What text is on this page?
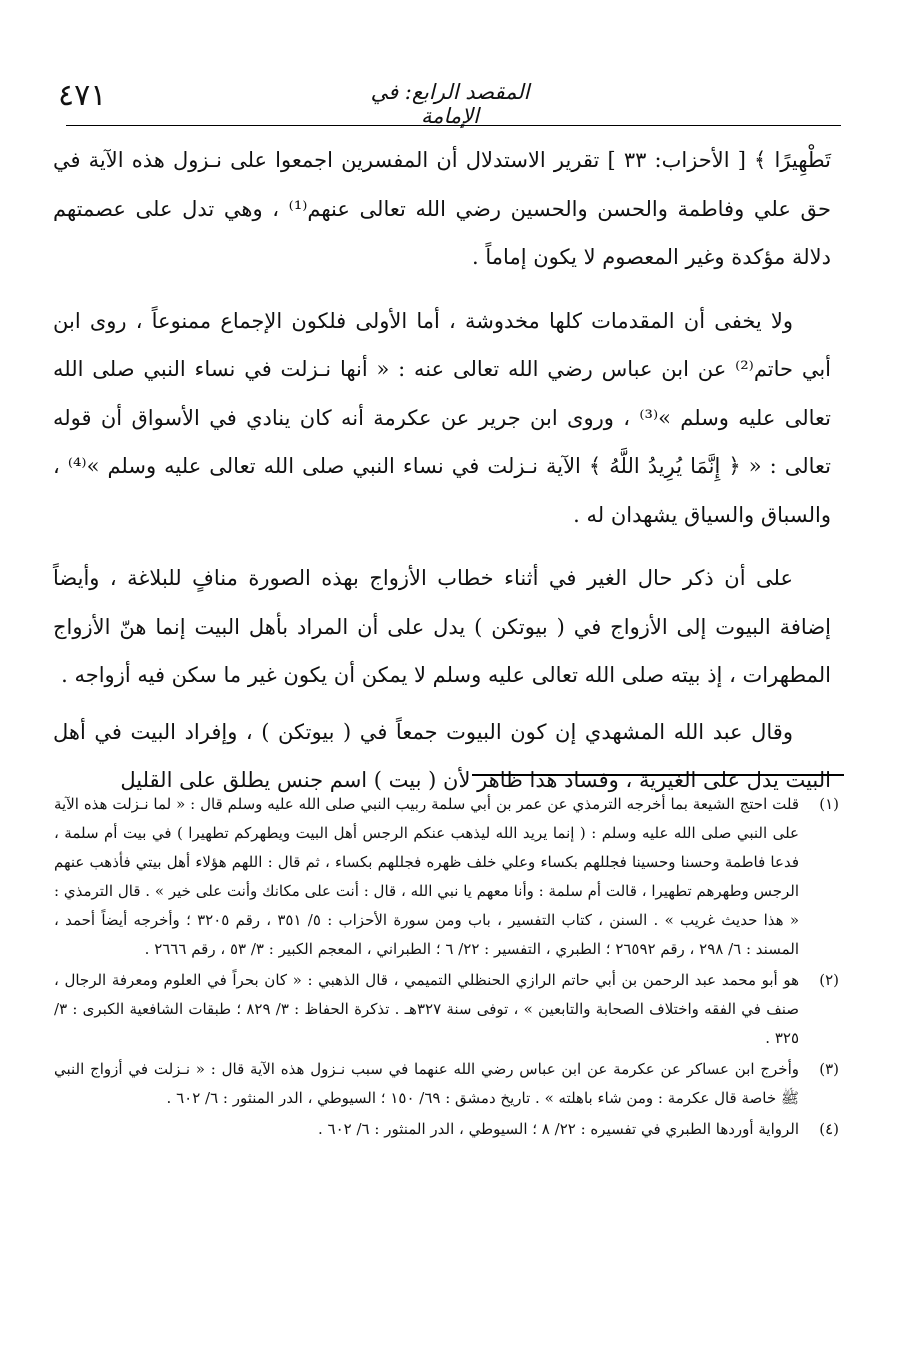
المقصد الرابع: في الإمامة
٤٧١

تَطْهِيرًا ﴾ [ الأحزاب: ٣٣ ] تقرير الاستدلال أن المفسرين اجمعوا على نـزول هذه الآية في حق علي وفاطمة والحسن والحسين رضي الله تعالى عنهم⁽¹⁾ ، وهي تدل على عصمتهم دلالة مؤكدة وغير المعصوم لا يكون إماماً .

ولا يخفى أن المقدمات كلها مخدوشة ، أما الأولى فلكون الإجماع ممنوعاً ، روى ابن أبي حاتم⁽²⁾ عن ابن عباس رضي الله تعالى عنه : « أنها نـزلت في نساء النبي صلى الله تعالى عليه وسلم »⁽³⁾ ، وروى ابن جرير عن عكرمة أنه كان ينادي في الأسواق أن قوله تعالى : « ﴿ إِنَّمَا يُرِيدُ اللَّهُ ﴾ الآية نـزلت في نساء النبي صلى الله تعالى عليه وسلم »⁽⁴⁾ ، والسباق والسياق يشهدان له .

على أن ذكر حال الغير في أثناء خطاب الأزواج بهذه الصورة منافٍ للبلاغة ، وأيضاً إضافة البيوت إلى الأزواج في ( بيوتكن ) يدل على أن المراد بأهل البيت إنما هنّ الأزواج المطهرات ، إذ بيته صلى الله تعالى عليه وسلم لا يمكن أن يكون غير ما سكن فيه أزواجه .

وقال عبد الله المشهدي إن كون البيوت جمعاً في ( بيوتكن ) ، وإفراد البيت في أهل البيت يدل على الغيرية ، وفساد هذا ظاهر لأن ( بيت ) اسم جنس يطلق على القليل

(١)
قلت احتج الشيعة بما أخرجه الترمذي عن عمر بن أبي سلمة ربيب النبي صلى الله عليه وسلم قال : « لما نـزلت هذه الآية على النبي صلى الله عليه وسلم : ( إنما يريد الله ليذهب عنكم الرجس أهل البيت ويطهركم تطهيرا ) في بيت أم سلمة ، فدعا فاطمة وحسنا وحسينا فجللهم بكساء وعلي خلف ظهره فجللهم بكساء ، ثم قال : اللهم هؤلاء أهل بيتي فأذهب عنهم الرجس وطهرهم تطهيرا ، قالت أم سلمة : وأنا معهم يا نبي الله ، قال : أنت على مكانك وأنت على خير » . قال الترمذي : « هذا حديث غريب » . السنن ، كتاب التفسير ، باب ومن سورة الأحزاب : ٥/ ٣٥١ ، رقم ٣٢٠٥ ؛ وأخرجه أيضاً أحمد ، المسند : ٦/ ٢٩٨ ، رقم ٢٦٥٩٢ ؛ الطبري ، التفسير : ٢٢/ ٦ ؛ الطبراني ، المعجم الكبير : ٣/ ٥٣ ، رقم ٢٦٦٦ .
(٢)
هو أبو محمد عبد الرحمن بن أبي حاتم الرازي الحنظلي التميمي ، قال الذهبي : « كان بحراً في العلوم ومعرفة الرجال ، صنف في الفقه واختلاف الصحابة والتابعين » ، توفى سنة ٣٢٧هـ . تذكرة الحفاظ : ٣/ ٨٢٩ ؛ طبقات الشافعية الكبرى : ٣/ ٣٢٥ .
(٣)
وأخرج ابن عساكر عن عكرمة عن ابن عباس رضي الله عنهما في سبب نـزول هذه الآية قال : « نـزلت في أزواج النبي ﷺ خاصة قال عكرمة : ومن شاء باهلته » . تاريخ دمشق : ٦٩/ ١٥٠ ؛ السيوطي ، الدر المنثور : ٦/ ٦٠٢ .
(٤)
الرواية أوردها الطبري في تفسيره : ٢٢/ ٨ ؛ السيوطي ، الدر المنثور : ٦/ ٦٠٢ .
